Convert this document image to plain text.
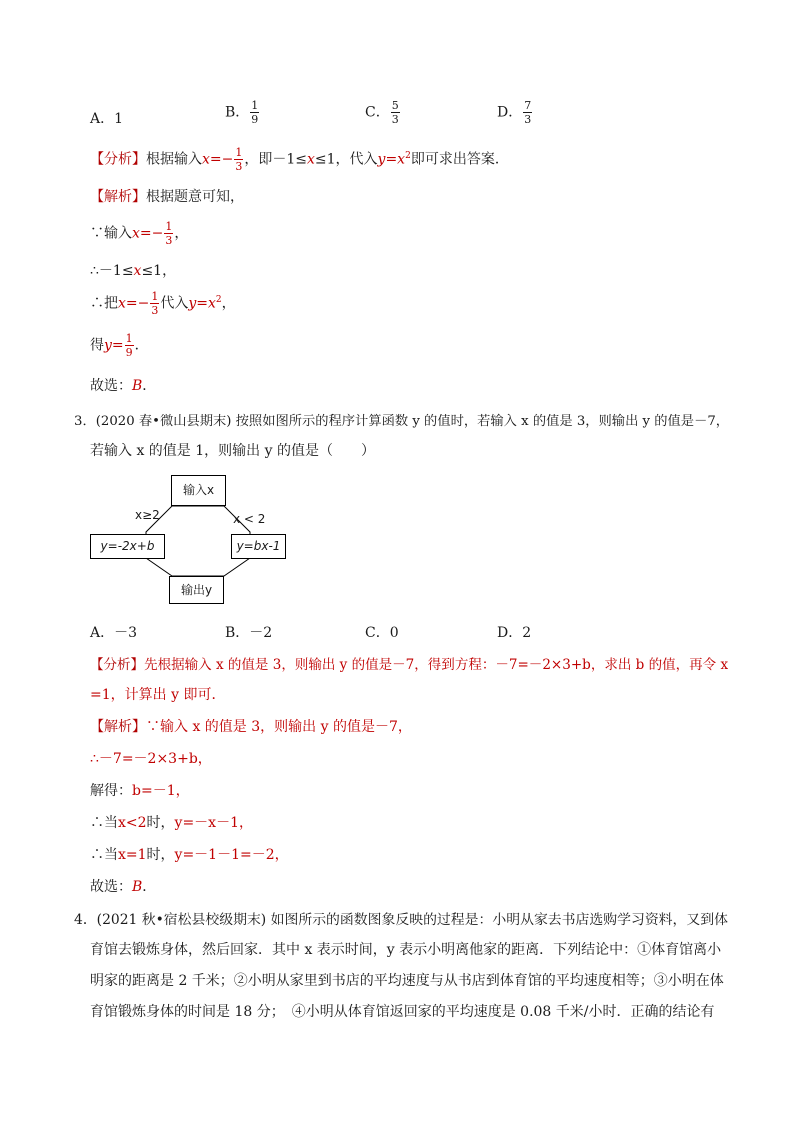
A．1	B． $\frac{1}{9}$	C． $\frac{5}{3}$	D． $\frac{7}{3}$
【分析】根据输入$x=- \frac{1}{3}$ ，即－1≤x≤1，代入$y=x^2$即可求出答案．
【解析】根据题意可知，
∵输入$x=- \frac{1}{3}$ ，
∴－1≤x≤1，
∴把$x=- \frac{1}{3}$ 代入$y=x^2$，
得$y= \frac{1}{9}$ ．
故选：B．
3．(2020 春•微山县期末) 按照如图所示的程序计算函数 y 的值时，若输入 x 的值是 3，则输出 y 的值是－7，
若输入 x 的值是 1，则输出 y 的值是（　　）
输入x
输出y
y=-2x+b	y=bx-1
x≥2	x < 2
A．－3	B．－2	C．0	D．2
【分析】先根据输入 x 的值是 3，则输出 y 的值是－7，得到方程：－7=－2×3+b，求出 b 的值，再令 x
=1，计算出 y 即可．
【解析】∵输入 x 的值是 3，则输出 y 的值是－7，
∴－7=－2×3+b，
解得：b=－1，
∴当x<2时，y=－x－1，
∴当x=1时，y=－1－1=－2，
故选：B．
4．(2021 秋•宿松县校级期末) 如图所示的函数图象反映的过程是：小明从家去书店选购学习资料，又到体
育馆去锻炼身体，然后回家．其中 x 表示时间，y 表示小明离他家的距离．下列结论中：①体育馆离小
明家的距离是 2 千米；②小明从家里到书店的平均速度与从书店到体育馆的平均速度相等；③小明在体
育馆锻炼身体的时间是 18 分；　④小明从体育馆返回家的平均速度是 0.08 千米/小时．正确的结论有
